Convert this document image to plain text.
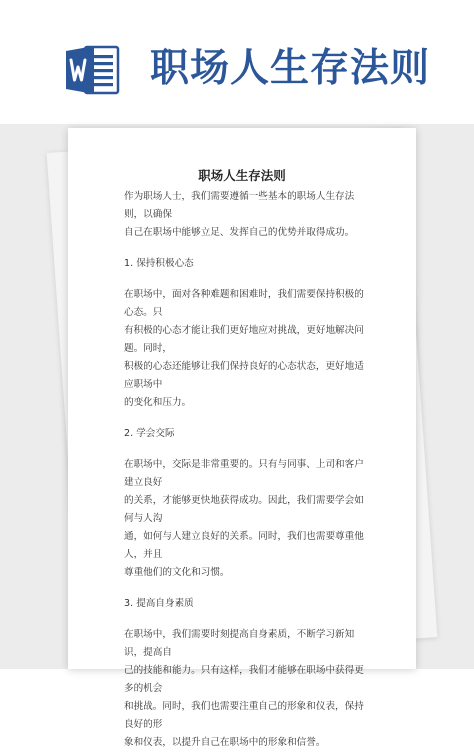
职场人生存法则
职场人生存法则

作为职场人士，我们需要遵循一些基本的职场人生存法则，以确保

自己在职场中能够立足、发挥自己的优势并取得成功。

1. 保持积极心态

在职场中，面对各种难题和困难时，我们需要保持积极的心态。只

有积极的心态才能让我们更好地应对挑战，更好地解决问题。同时，

积极的心态还能够让我们保持良好的心态状态，更好地适应职场中

的变化和压力。

2. 学会交际

在职场中，交际是非常重要的。只有与同事、上司和客户建立良好

的关系，才能够更快地获得成功。因此，我们需要学会如何与人沟

通，如何与人建立良好的关系。同时，我们也需要尊重他人，并且

尊重他们的文化和习惯。

3. 提高自身素质

在职场中，我们需要时刻提高自身素质，不断学习新知识，提高自

己的技能和能力。只有这样，我们才能够在职场中获得更多的机会

和挑战。同时，我们也需要注重自己的形象和仪表，保持良好的形

象和仪表，以提升自己在职场中的形象和信誉。
